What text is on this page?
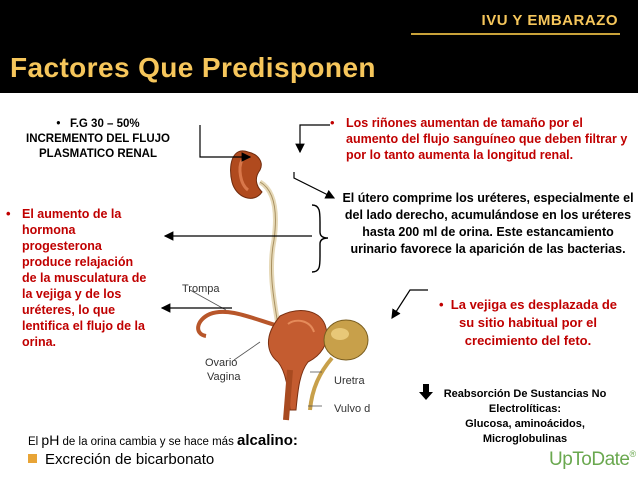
IVU Y EMBARAZO
Factores Que Predisponen
Trompa
Ovario
Vagina	Uretra
Vulvo d
• F.G 30 – 50%
INCREMENTO DEL FLUJO
PLASMATICO RENAL
• El aumento de la hormona progesterona produce relajación de la musculatura de la vejiga y de los uréteres, lo que lentifica el flujo de la orina.
• Los riñones aumentan de tamaño por el aumento del flujo sanguíneo que deben filtrar y por lo tanto aumenta la longitud renal.
El útero comprime los uréteres, especialmente el del lado derecho, acumulándose en los uréteres hasta 200 ml de orina. Este estancamiento urinario favorece la aparición de las bacterias.
• La vejiga es desplazada de su sitio habitual por el crecimiento del feto.
Reabsorción De Sustancias No
Electrolíticas:
Glucosa, aminoácidos,
Microglobulinas
El pH de la orina cambia y se hace más alcalino:
Excreción de bicarbonato	UpToDate®
